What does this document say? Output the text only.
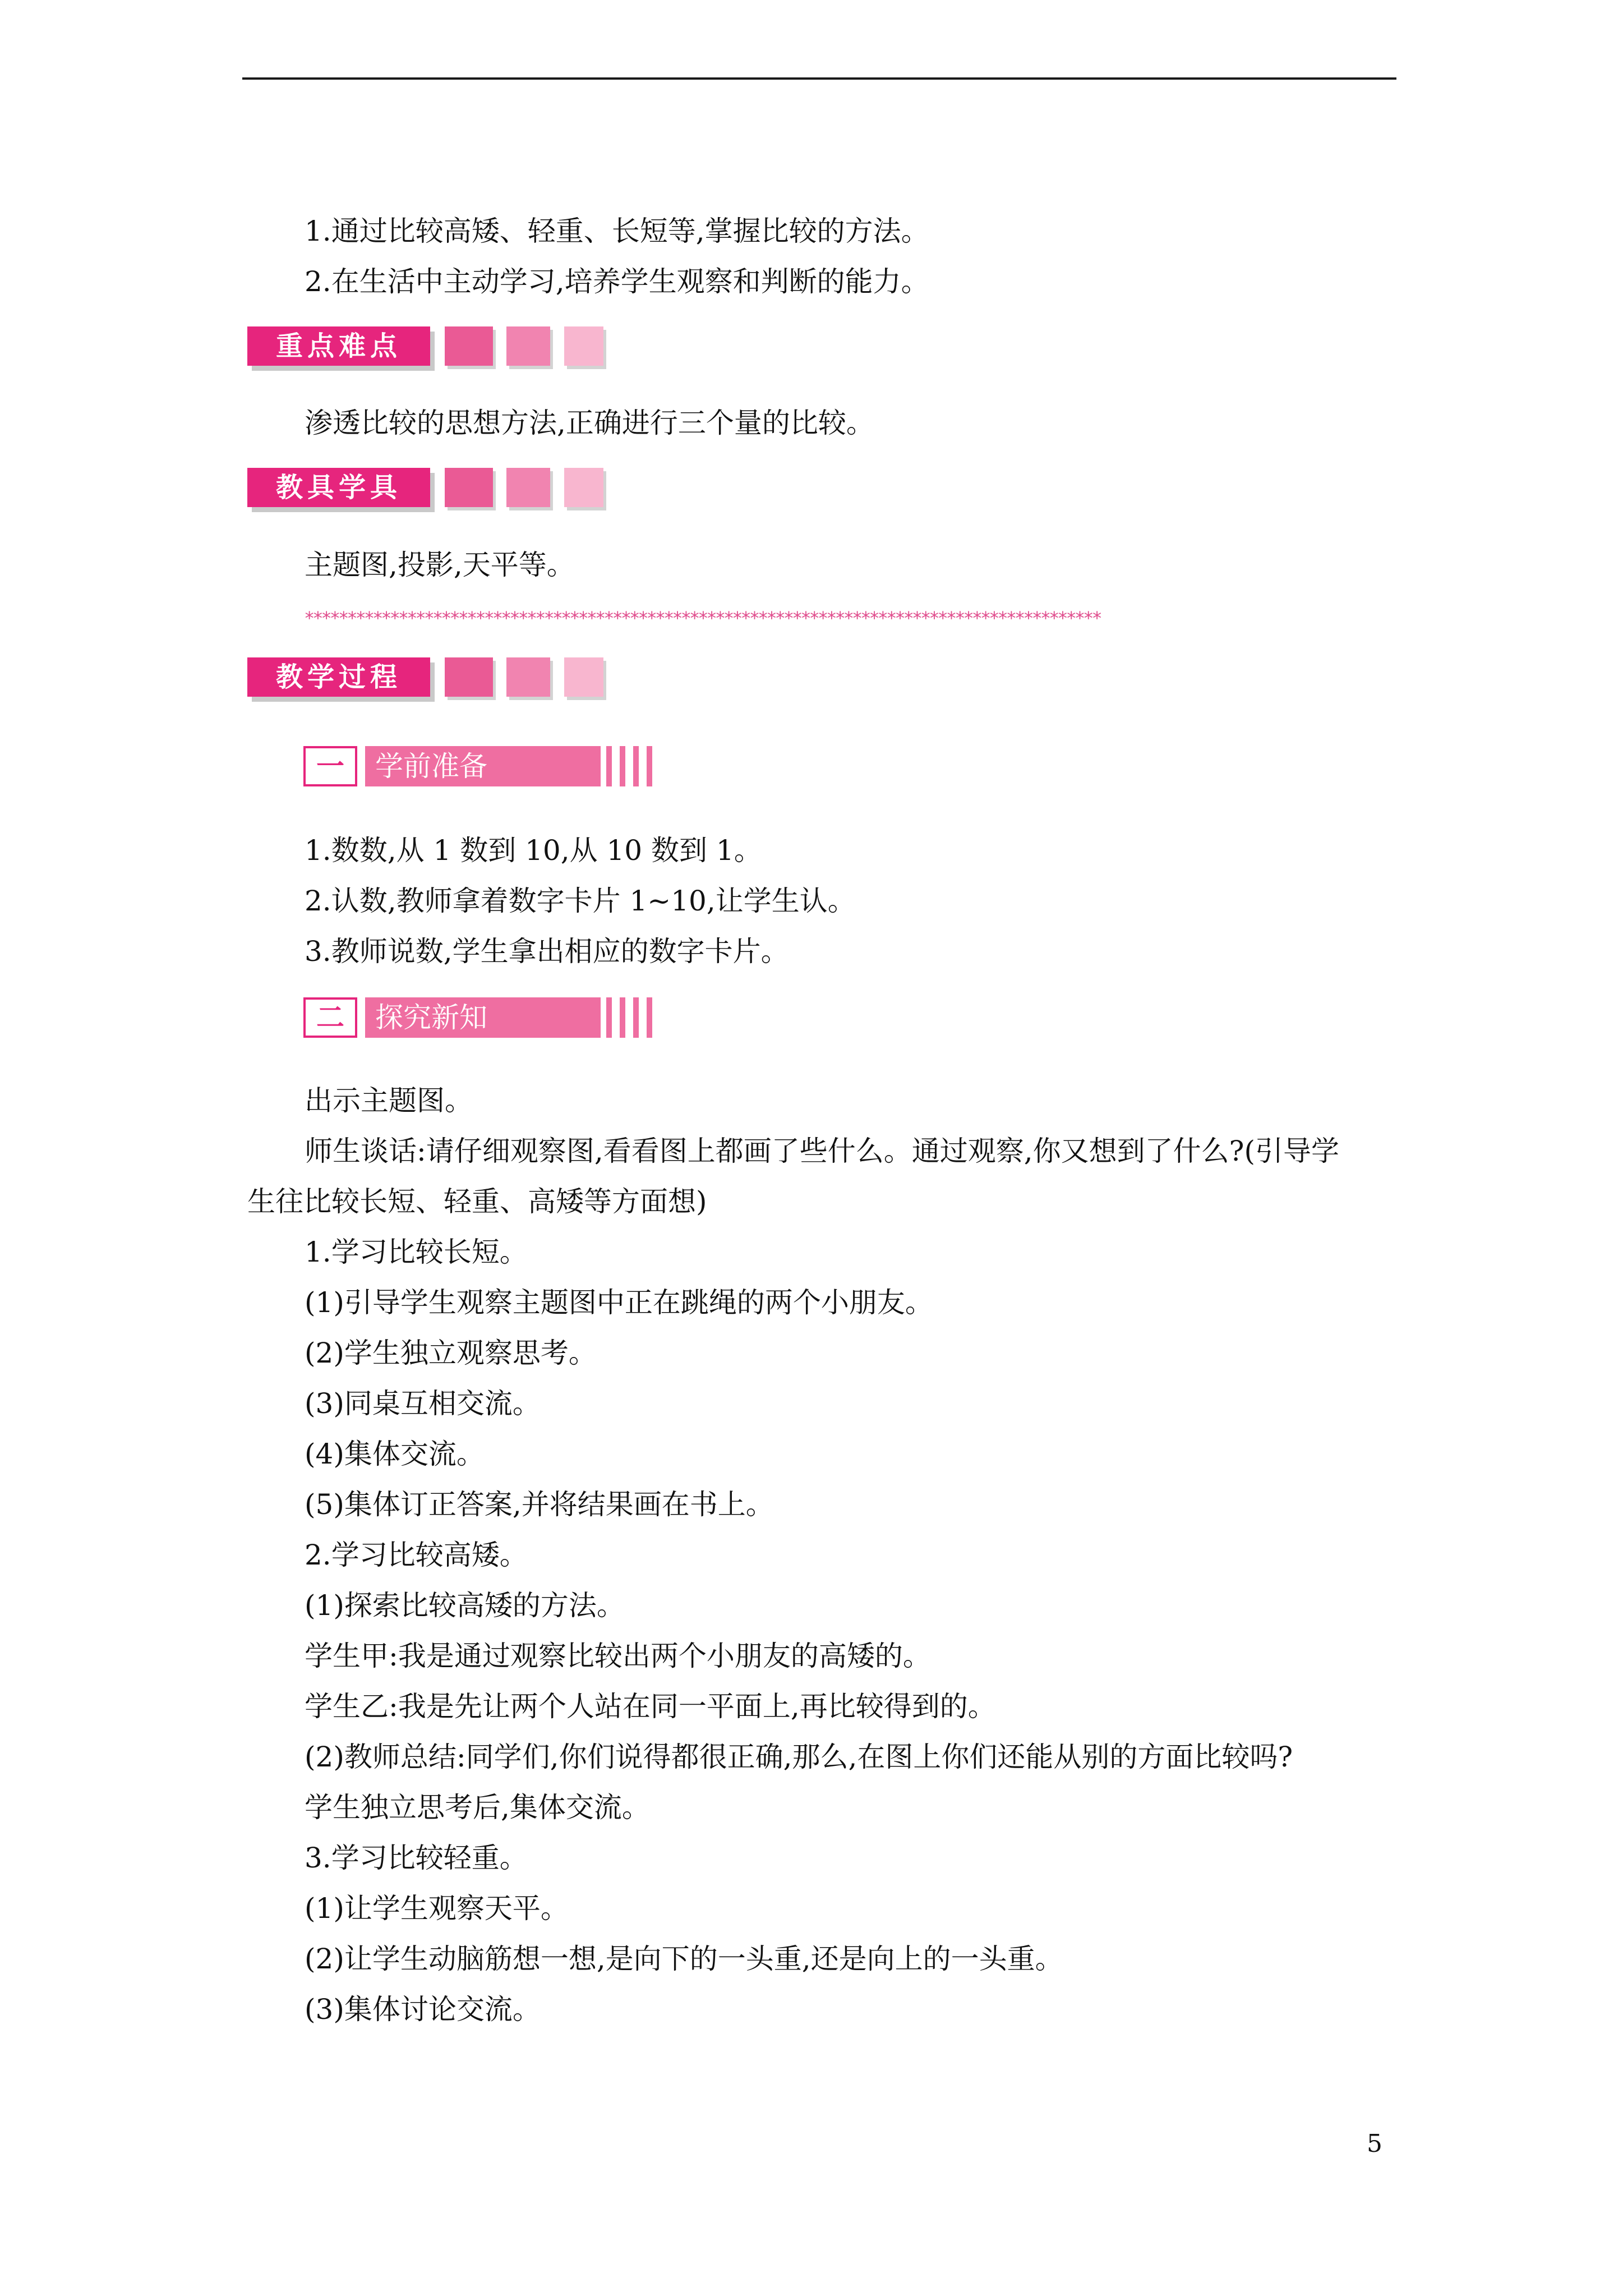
1.通过比较高矮、轻重、长短等,掌握比较的方法。
2.在生活中主动学习,培养学生观察和判断的能力。
重点难点
渗透比较的思想方法,正确进行三个量的比较。
教具学具
主题图,投影,天平等。
*********************************************************************************************
教学过程
一	学前准备
1.数数,从 1 数到 10,从 10 数到 1。
2.认数,教师拿着数字卡片 1~10,让学生认。
3.教师说数,学生拿出相应的数字卡片。
二	探究新知
出示主题图。
师生谈话:请仔细观察图,看看图上都画了些什么。通过观察,你又想到了什么?(引导学
生往比较长短、轻重、高矮等方面想)
1.学习比较长短。
(1)引导学生观察主题图中正在跳绳的两个小朋友。
(2)学生独立观察思考。
(3)同桌互相交流。
(4)集体交流。
(5)集体订正答案,并将结果画在书上。
2.学习比较高矮。
(1)探索比较高矮的方法。
学生甲:我是通过观察比较出两个小朋友的高矮的。
学生乙:我是先让两个人站在同一平面上,再比较得到的。
(2)教师总结:同学们,你们说得都很正确,那么,在图上你们还能从别的方面比较吗?
学生独立思考后,集体交流。
3.学习比较轻重。
(1)让学生观察天平。
(2)让学生动脑筋想一想,是向下的一头重,还是向上的一头重。
(3)集体讨论交流。
5
